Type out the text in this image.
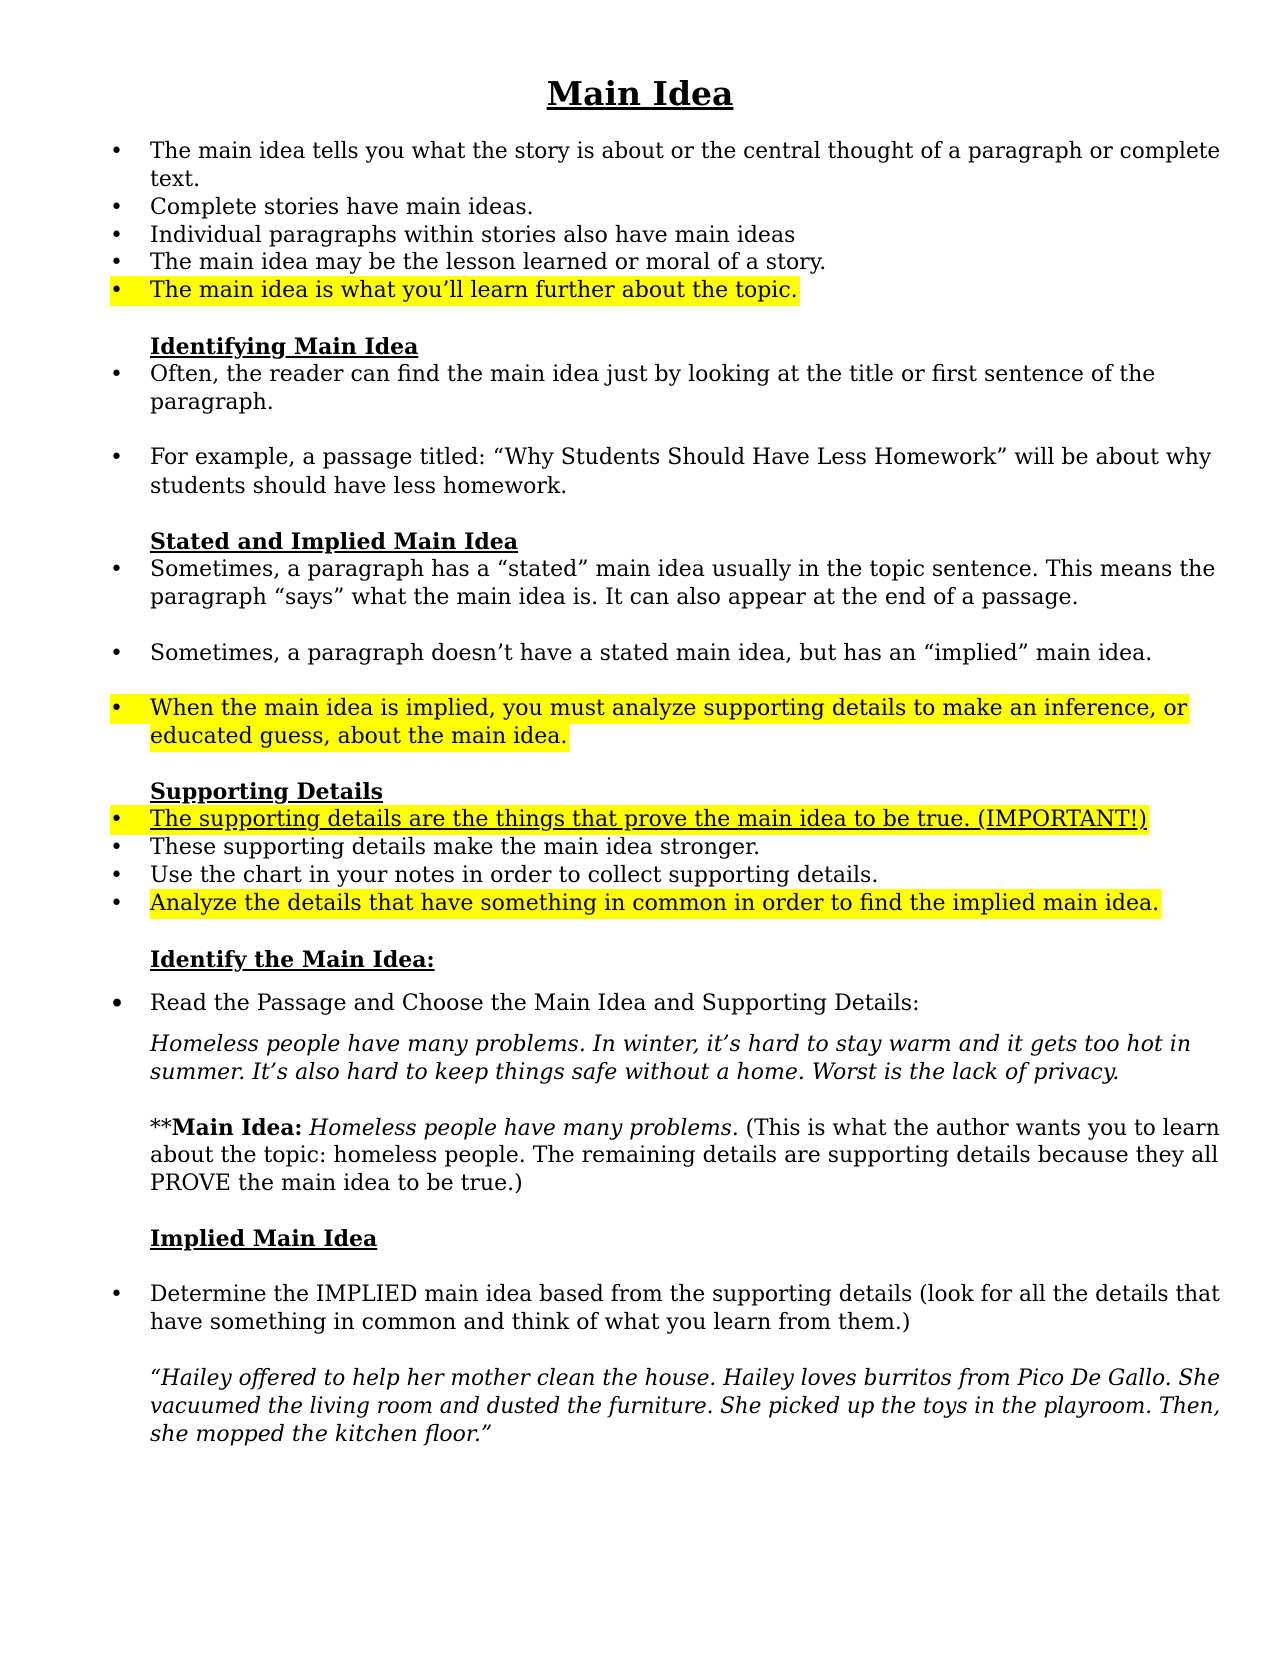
Main Idea
•	The main idea tells you what the story is about or the central thought of a paragraph or complete

text.

•	Complete stories have main ideas.

•	Individual paragraphs within stories also have main ideas

•	The main idea may be the lesson learned or moral of a story.

•	The main idea is what you’ll learn further about the topic.

Identifying Main Idea

•	Often, the reader can find the main idea just by looking at the title or first sentence of the

paragraph.

•	For example, a passage titled: “Why Students Should Have Less Homework” will be about why

students should have less homework.

Stated and Implied Main Idea

•	Sometimes, a paragraph has a “stated” main idea usually in the topic sentence. This means the

paragraph “says” what the main idea is. It can also appear at the end of a passage.

•	Sometimes, a paragraph doesn’t have a stated main idea, but has an “implied” main idea.

•	When the main idea is implied, you must analyze supporting details to make an inference, or

educated guess, about the main idea.

Supporting Details

•	The supporting details are the things that prove the main idea to be true. (IMPORTANT!)

•	These supporting details make the main idea stronger.

•	Use the chart in your notes in order to collect supporting details.

•	Analyze the details that have something in common in order to find the implied main idea.

Identify the Main Idea:

• Read the Passage and Choose the Main Idea and Supporting Details:

Homeless people have many problems. In winter, it’s hard to stay warm and it gets too hot in

summer. It’s also hard to keep things safe without a home. Worst is the lack of privacy.

**Main Idea: Homeless people have many problems. (This is what the author wants you to learn

about the topic: homeless people. The remaining details are supporting details because they all

PROVE the main idea to be true.)

Implied Main Idea

•	Determine the IMPLIED main idea based from the supporting details (look for all the details that

have something in common and think of what you learn from them.)

“Hailey offered to help her mother clean the house. Hailey loves burritos from Pico De Gallo. She

vacuumed the living room and dusted the furniture. She picked up the toys in the playroom. Then,

she mopped the kitchen floor.”
